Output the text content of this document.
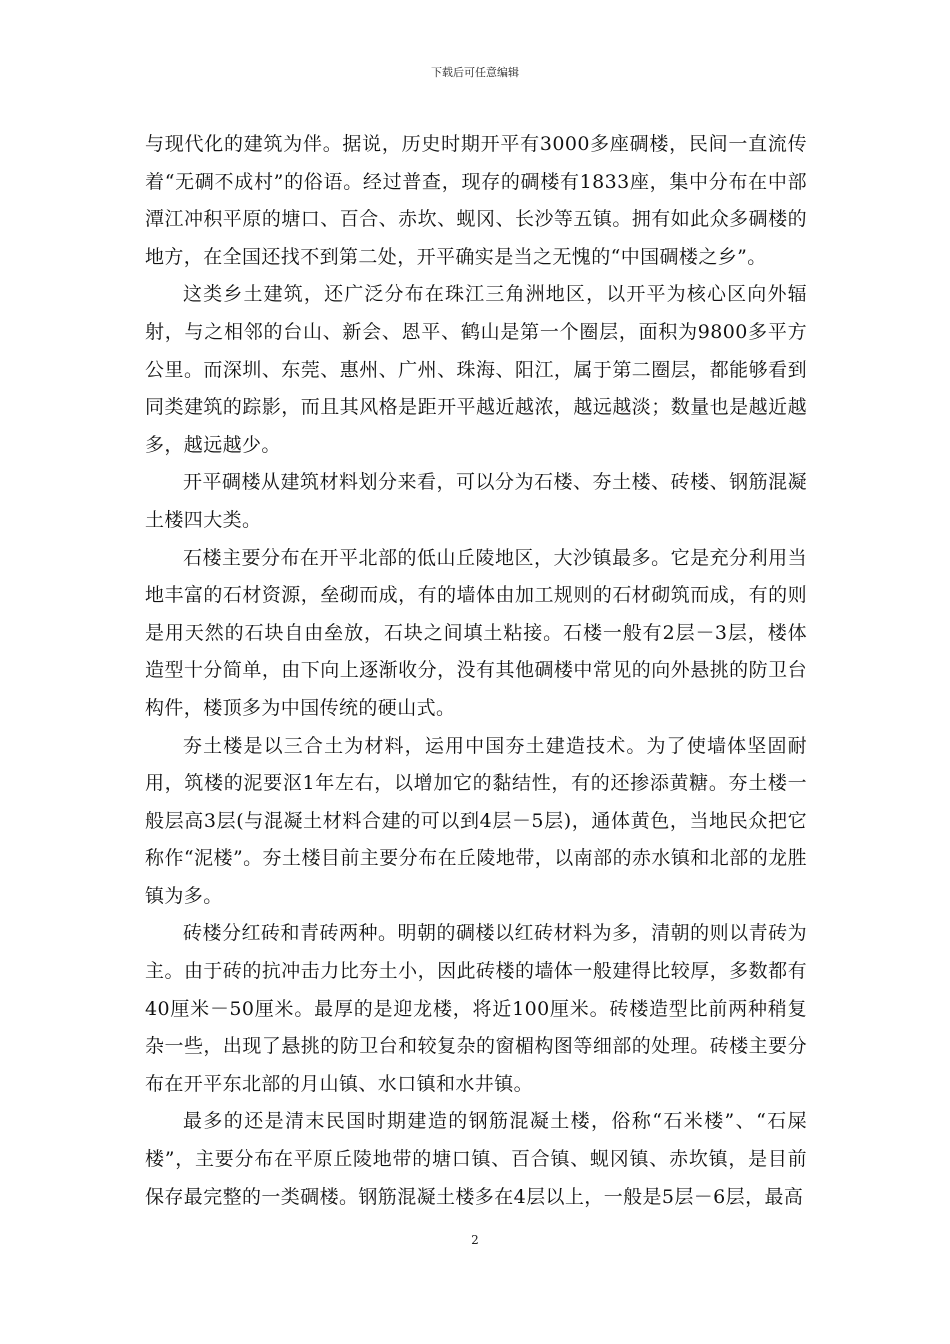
下载后可任意编辑

与现代化的建筑为伴。据说，历史时期开平有3000多座碉楼，民间一直流传着“无碉不成村”的俗语。经过普查，现存的碉楼有1833座，集中分布在中部潭江冲积平原的塘口、百合、赤坎、蚬冈、长沙等五镇。拥有如此众多碉楼的地方，在全国还找不到第二处，开平确实是当之无愧的“中国碉楼之乡”。

这类乡土建筑，还广泛分布在珠江三角洲地区，以开平为核心区向外辐射，与之相邻的台山、新会、恩平、鹤山是第一个圈层，面积为9800多平方公里。而深圳、东莞、惠州、广州、珠海、阳江，属于第二圈层，都能够看到同类建筑的踪影，而且其风格是距开平越近越浓，越远越淡；数量也是越近越多，越远越少。

开平碉楼从建筑材料划分来看，可以分为石楼、夯土楼、砖楼、钢筋混凝土楼四大类。

石楼主要分布在开平北部的低山丘陵地区，大沙镇最多。它是充分利用当地丰富的石材资源，垒砌而成，有的墙体由加工规则的石材砌筑而成，有的则是用天然的石块自由垒放，石块之间填土粘接。石楼一般有2层－3层，楼体造型十分简单，由下向上逐渐收分，没有其他碉楼中常见的向外悬挑的防卫台构件，楼顶多为中国传统的硬山式。

夯土楼是以三合土为材料，运用中国夯土建造技术。为了使墙体坚固耐用，筑楼的泥要沤1年左右，以增加它的黏结性，有的还掺添黄糖。夯土楼一般层高3层(与混凝土材料合建的可以到4层－5层)，通体黄色，当地民众把它称作“泥楼”。夯土楼目前主要分布在丘陵地带，以南部的赤水镇和北部的龙胜镇为多。

砖楼分红砖和青砖两种。明朝的碉楼以红砖材料为多，清朝的则以青砖为主。由于砖的抗冲击力比夯土小，因此砖楼的墙体一般建得比较厚，多数都有40厘米－50厘米。最厚的是迎龙楼，将近100厘米。砖楼造型比前两种稍复杂一些，出现了悬挑的防卫台和较复杂的窗楣构图等细部的处理。砖楼主要分布在开平东北部的月山镇、水口镇和水井镇。

最多的还是清末民国时期建造的钢筋混凝土楼，俗称“石米楼”、“石屎楼”，主要分布在平原丘陵地带的塘口镇、百合镇、蚬冈镇、赤坎镇，是目前保存最完整的一类碉楼。钢筋混凝土楼多在4层以上，一般是5层－6层，最高

2
